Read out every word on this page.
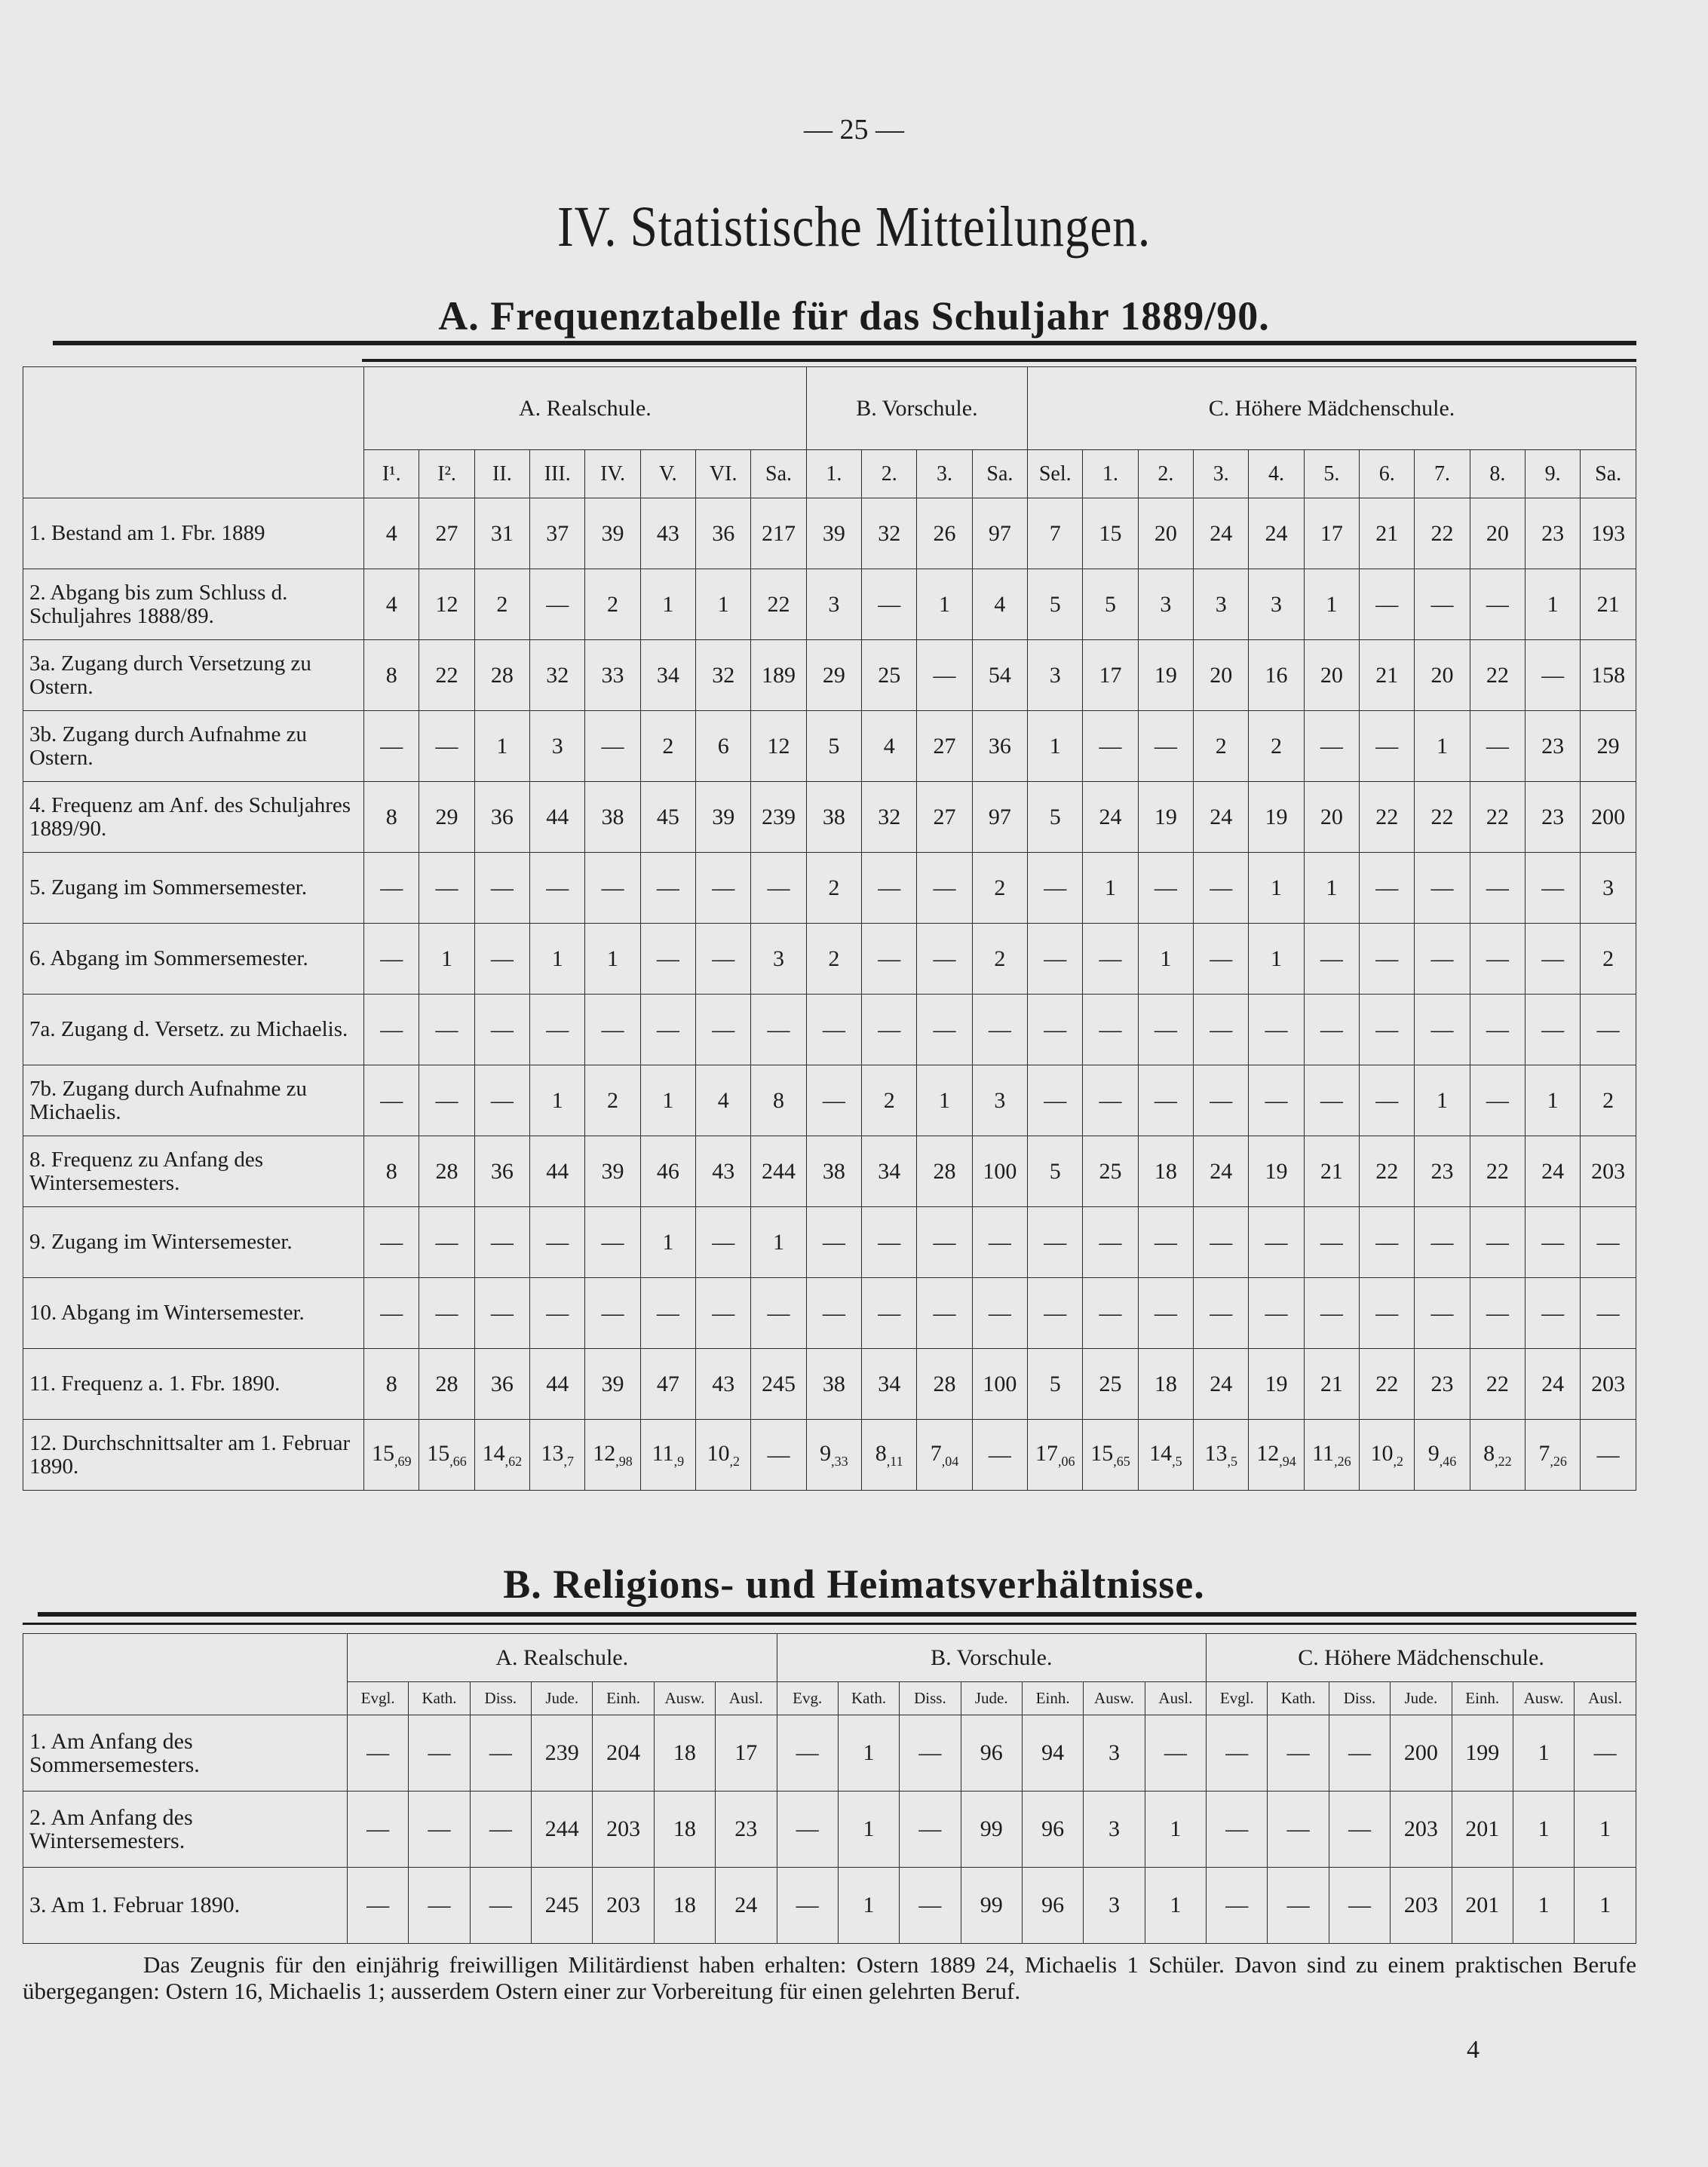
— 25 —
IV. Statistische Mitteilungen.
A. Frequenztabelle für das Schuljahr 1889/90.
	A. Realschule.								B. Vorschule.				C. Höhere Mädchenschule.										
	I¹.	I².	II.	III.	IV.	V.	VI.	Sa.	1.	2.	3.	Sa.	Sel.	1.	2.	3.	4.	5.	6.	7.	8.	9.	Sa.
1. Bestand am 1. Fbr. 1889	4	27	31	37	39	43	36	217	39	32	26	97	7	15	20	24	24	17	21	22	20	23	193
2. Abgang bis zum Schluss d. Schuljahres 1888/89.	4	12	2	—	2	1	1	22	3	—	1	4	5	5	3	3	3	1	—	—	—	1	21
3a. Zugang durch Versetzung zu Ostern.	8	22	28	32	33	34	32	189	29	25	—	54	3	17	19	20	16	20	21	20	22	—	158
3b. Zugang durch Aufnahme zu Ostern.	—	—	1	3	—	2	6	12	5	4	27	36	1	—	—	2	2	—	—	1	—	23	29
4. Frequenz am Anf. des Schuljahres 1889/90.	8	29	36	44	38	45	39	239	38	32	27	97	5	24	19	24	19	20	22	22	22	23	200
5. Zugang im Sommersemester.	—	—	—	—	—	—	—	—	2	—	—	2	—	1	—	—	1	1	—	—	—	—	3
6. Abgang im Sommersemester.	—	1	—	1	1	—	—	3	2	—	—	2	—	—	1	—	1	—	—	—	—	—	2
7a. Zugang d. Versetz. zu Michaelis.	—	—	—	—	—	—	—	—	—	—	—	—	—	—	—	—	—	—	—	—	—	—	—
7b. Zugang durch Aufnahme zu Michaelis.	—	—	—	1	2	1	4	8	—	2	1	3	—	—	—	—	—	—	—	1	—	1	2
8. Frequenz zu Anfang des Wintersemesters.	8	28	36	44	39	46	43	244	38	34	28	100	5	25	18	24	19	21	22	23	22	24	203
9. Zugang im Wintersemester.	—	—	—	—	—	1	—	1	—	—	—	—	—	—	—	—	—	—	—	—	—	—	—
10. Abgang im Wintersemester.	—	—	—	—	—	—	—	—	—	—	—	—	—	—	—	—	—	—	—	—	—	—	—
11. Frequenz a. 1. Fbr. 1890.	8	28	36	44	39	47	43	245	38	34	28	100	5	25	18	24	19	21	22	23	22	24	203
12. Durchschnittsalter am 1. Februar 1890.	$15_{,69}$	$15_{,66}$	$14_{,62}$	$13_{,7}$	$12_{,98}$	$11_{,9}$	$10_{,2}$	—	$9_{,33}$	$8_{,11}$	$7_{,04}$	—	$17_{,06}$	$15_{,65}$	$14_{,5}$	$13_{,5}$	$12_{,94}$	$11_{,26}$	$10_{,2}$	$9_{,46}$	$8_{,22}$	$7_{,26}$	—
B. Religions- und Heimatsverhältnisse.
	A. Realschule.							B. Vorschule.							C. Höhere Mädchenschule.						
	Evgl.	Kath.	Diss.	Jude.	Einh.	Ausw.	Ausl.	Evg.	Kath.	Diss.	Jude.	Einh.	Ausw.	Ausl.	Evgl.	Kath.	Diss.	Jude.	Einh.	Ausw.	Ausl.
1. Am Anfang des Sommersemesters.	—	—	—	239	204	18	17	—	1	—	96	94	3	—	—	—	—	200	199	1	—
2. Am Anfang des Wintersemesters.	—	—	—	244	203	18	23	—	1	—	99	96	3	1	—	—	—	203	201	1	1
3. Am 1. Februar 1890.	—	—	—	245	203	18	24	—	1	—	99	96	3	1	—	—	—	203	201	1	1

Das Zeugnis für den einjährig freiwilligen Militärdienst haben erhalten: Ostern 1889 24, Michaelis 1 Schüler. Davon sind zu einem praktischen Berufe übergegangen: Ostern 16, Michaelis 1; ausserdem Ostern einer zur Vorbereitung für einen gelehrten Beruf.

4
